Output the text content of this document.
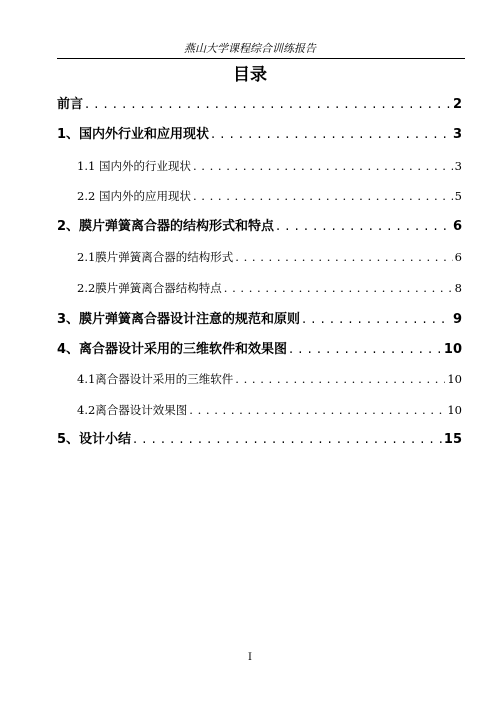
燕山大学课程综合训练报告
目录
前言 . . .	2
1、国内外行业和应用现状 . . .	3
1.1 国内外的行业现状 . . .	3
2.2 国内外的应用现状 . . .	5
2、膜片弹簧离合器的结构形式和特点 . . .	6
2.1膜片弹簧离合器的结构形式 . . .	6
2.2膜片弹簧离合器结构特点 . . .	8
3、膜片弹簧离合器设计注意的规范和原则 . . .	9
4、离合器设计采用的三维软件和效果图 . . .	10
4.1离合器设计采用的三维软件 . . .	10
4.2离合器设计效果图 . . .	10
5、设计小结 . . .	15
I
